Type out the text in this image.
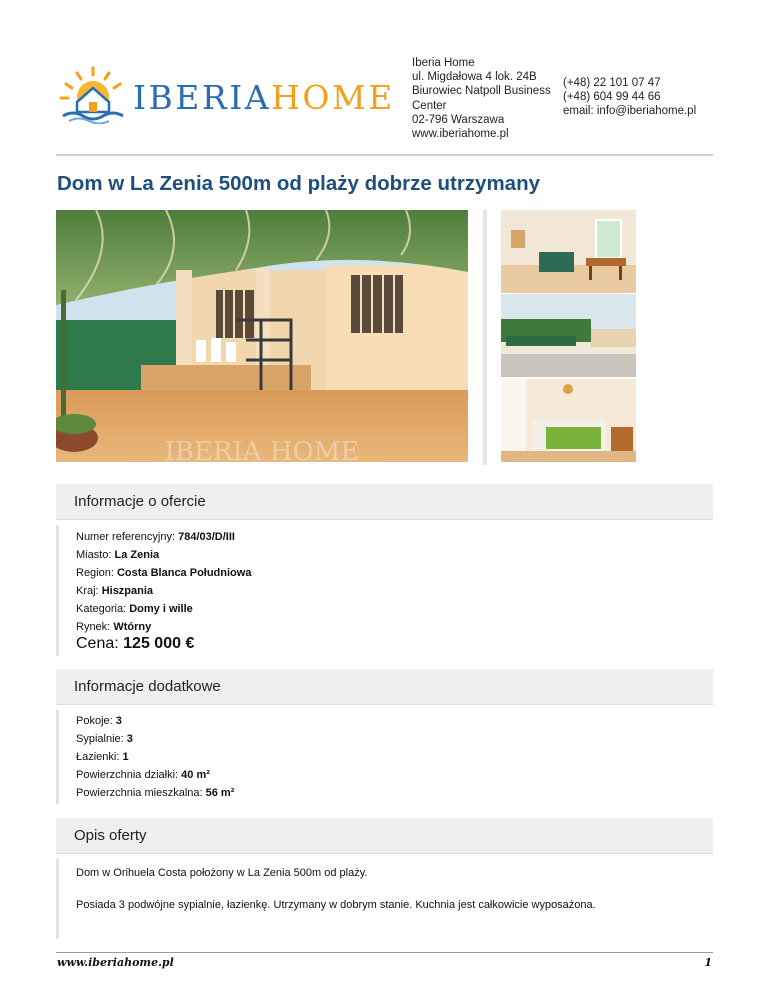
IBERIAHOME
Iberia Home
ul. Migdałowa 4 lok. 24B
Biurowiec Natpoll Business
Center
02-796 Warszawa
www.iberiahome.pl
(+48) 22 101 07 47
(+48) 604 99 44 66
email: info@iberiahome.pl
Dom w La Zenia 500m od plaży dobrze utrzymany
IBERIA HOME
Informacje o ofercie
Numer referencyjny: 784/03/D/III
Miasto: La Zenia
Region: Costa Blanca Południowa
Kraj: Hiszpania
Kategoria: Domy i wille
Rynek: Wtórny
Cena: 125 000 €
Informacje dodatkowe
Pokoje: 3
Sypialnie: 3
Łazienki: 1
Powierzchnia działki: 40 m²
Powierzchnia mieszkalna: 56 m²
Opis oferty
Dom w Orihuela Costa położony w La Zenia 500m od plaży.
Posiada 3 podwójne sypialnie, łazienkę. Utrzymany w dobrym stanie. Kuchnia jest całkowicie wyposażona.
www.iberiahome.pl	1
